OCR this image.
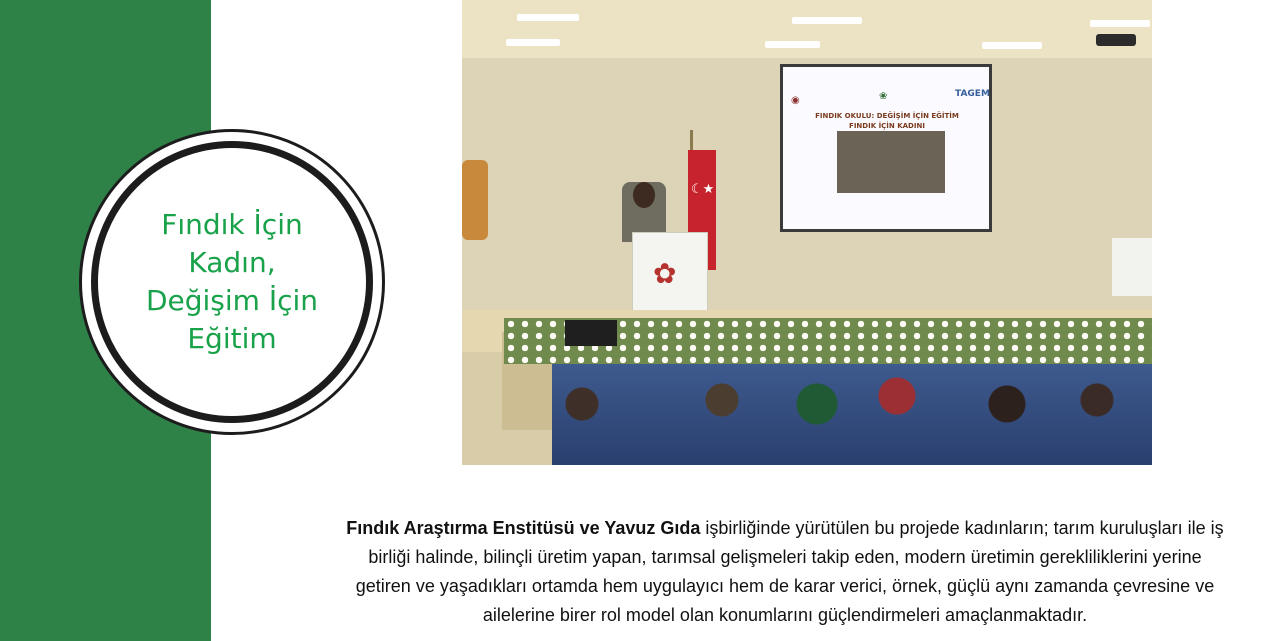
Fındık İçin
Kadın,
Değişim İçin
Eğitim
◉	❀	TAGEM
FINDIK OKULU: DEĞİŞİM İÇİN EĞİTİM
FINDIK İÇİN KADINI
☾★
✿

Fındık Araştırma Enstitüsü ve Yavuz Gıda işbirliğinde yürütülen bu projede kadınların; tarım kuruluşları ile iş birliği halinde, bilinçli üretim yapan, tarımsal gelişmeleri takip eden, modern üretimin gerekliliklerini yerine getiren ve yaşadıkları ortamda hem uygulayıcı hem de karar verici, örnek, güçlü aynı zamanda çevresine ve ailelerine birer rol model olan konumlarını güçlendirmeleri amaçlanmaktadır.
